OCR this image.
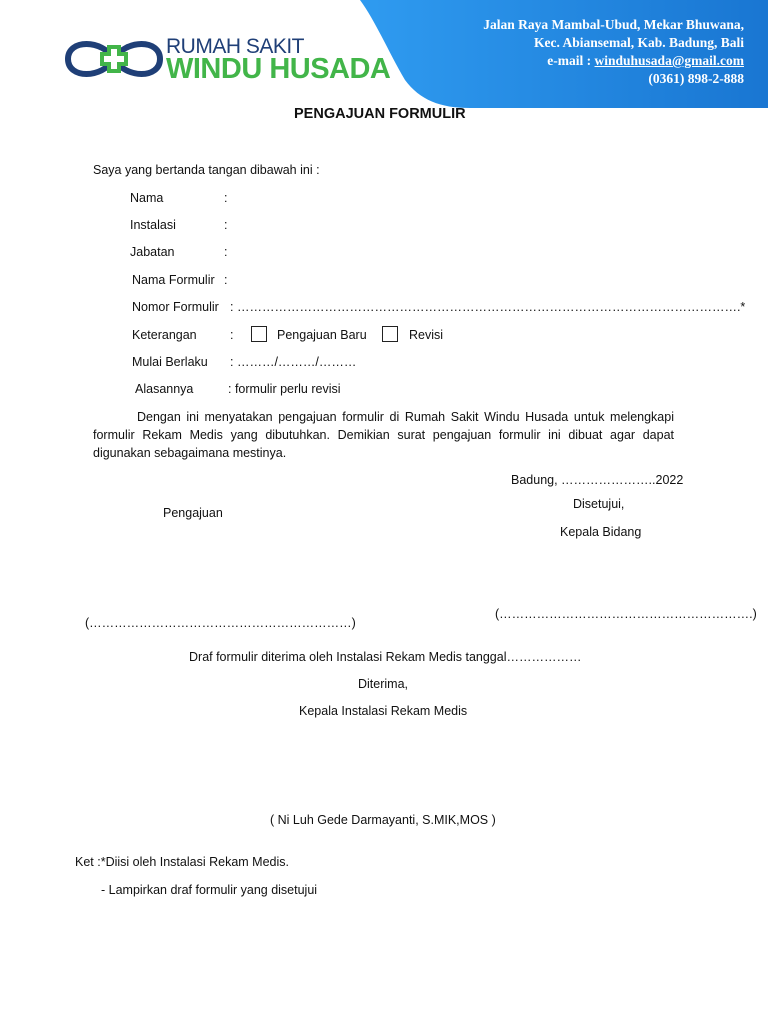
Jalan Raya Mambal-Ubud, Mekar Bhuwana,
Kec. Abiansemal, Kab. Badung, Bali
e-mail : winduhusada@gmail.com
(0361) 898-2-888
RUMAH SAKIT
WINDU HUSADA
PENGAJUAN FORMULIR
Saya yang bertanda tangan dibawah ini :
Nama	:
Instalasi	:
Jabatan	:
Nama Formulir :
Nomor Formulir : ………………………………………………………………………………………………………….*
Keterangan	:	Pengajuan Baru	Revisi
Mulai Berlaku : ………/………/………
Alasannya	: formulir perlu revisi
Dengan ini menyatakan pengajuan formulir di Rumah Sakit Windu Husada untuk melengkapi formulir Rekam Medis yang dibutuhkan. Demikian surat pengajuan formulir ini dibuat agar dapat digunakan sebagaimana mestinya.
Badung, …………………..2022
Disetujui,
Pengajuan
Kepala Bidang
(…………………………………………………….)
(………………………………………………………)
Draf formulir diterima oleh Instalasi Rekam Medis tanggal………………
Diterima,
Kepala Instalasi Rekam Medis
( Ni Luh Gede Darmayanti, S.MIK,MOS )
Ket :*Diisi oleh Instalasi Rekam Medis.
- Lampirkan draf formulir yang disetujui
